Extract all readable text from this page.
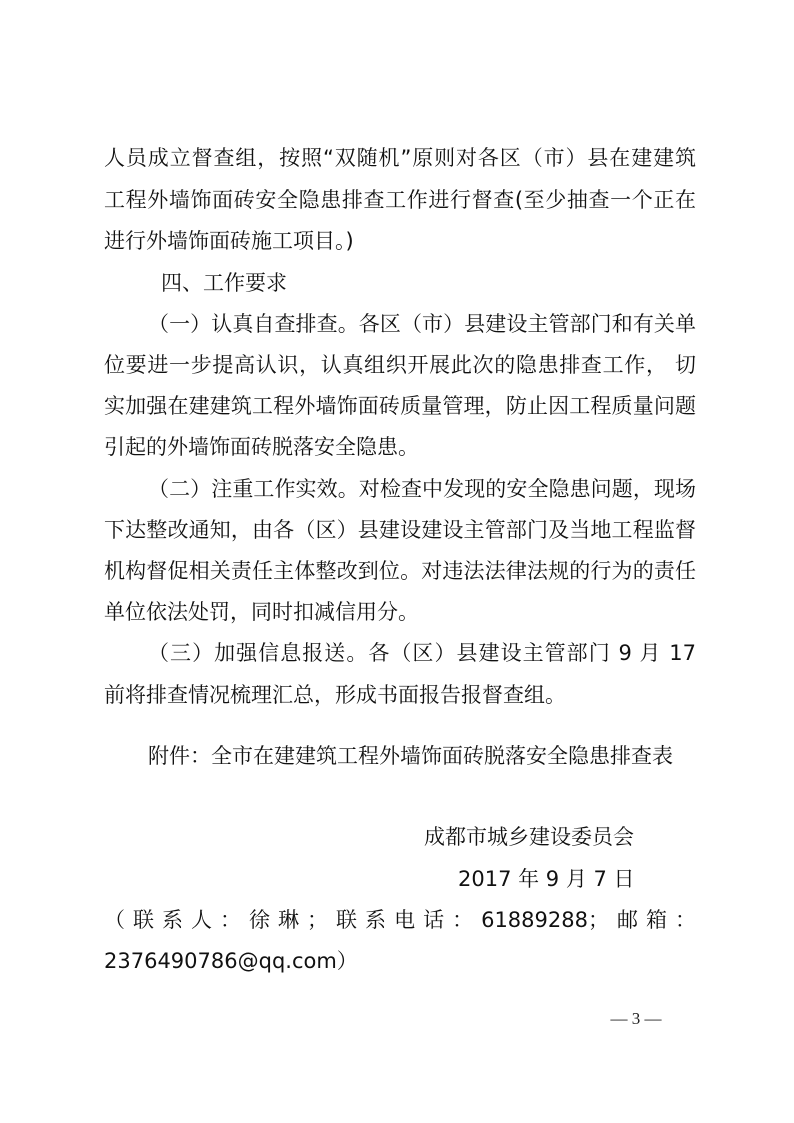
人员成立督查组，按照“双随机”原则对各区（市）县在建建筑
工程外墙饰面砖安全隐患排查工作进行督查(至少抽查一个正在
进行外墙饰面砖施工项目。)
四、工作要求
（一）认真自查排查。各区（市）县建设主管部门和有关单
位要进一步提高认识，认真组织开展此次的隐患排查工作， 切
实加强在建建筑工程外墙饰面砖质量管理，防止因工程质量问题
引起的外墙饰面砖脱落安全隐患。
（二）注重工作实效。对检查中发现的安全隐患问题，现场
下达整改通知，由各（区）县建设建设主管部门及当地工程监督
机构督促相关责任主体整改到位。对违法法律法规的行为的责任
单位依法处罚，同时扣减信用分。
（三）加强信息报送。各（区）县建设主管部门 9 月 17
前将排查情况梳理汇总，形成书面报告报督查组。
附件：全市在建建筑工程外墙饰面砖脱落安全隐患排查表
成都市城乡建设委员会
2017 年 9 月 7 日
（联系人：徐琳；联系电话：61889288；邮箱：
2376490786@qq.com）
— 3 —
